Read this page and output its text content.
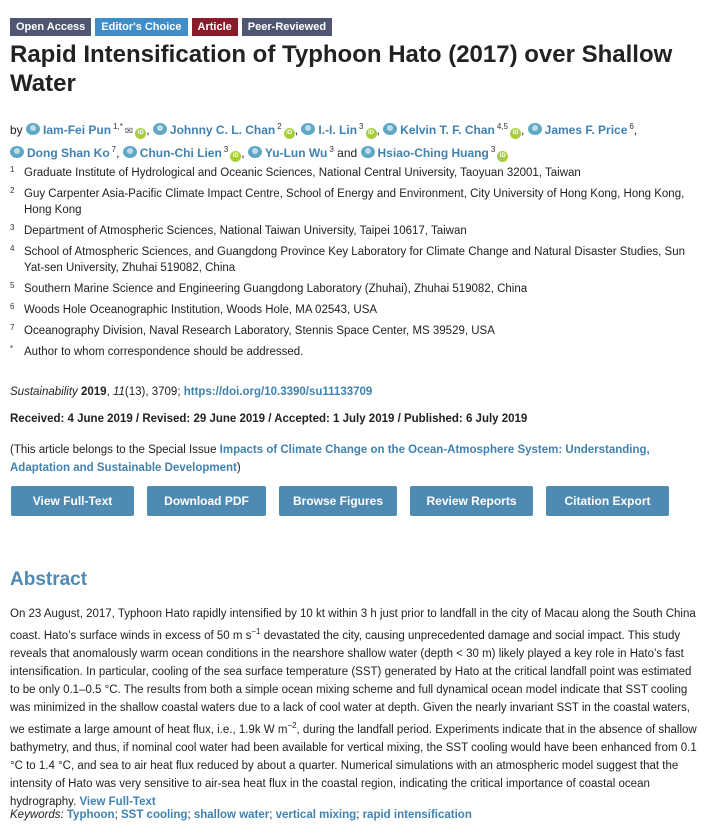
Open Access	Editor's Choice	Article	Peer-Reviewed
Rapid Intensification of Typhoon Hato (2017) over Shallow Water
by Iam-Fei Pun $^{1,*}$ ✉ iD , Johnny C. L. Chan $^2$iD , I.-I. Lin $^3$iD , Kelvin T. F. Chan $^{4,5}$iD , James F. Price $^6$, Dong Shan Ko $^7$, Chun-Chi Lien $^3$iD , Yu-Lun Wu $^3$ and Hsiao-Ching Huang $^3$iD
1 Graduate Institute of Hydrological and Oceanic Sciences, National Central University, Taoyuan 32001, Taiwan
2 Guy Carpenter Asia-Pacific Climate Impact Centre, School of Energy and Environment, City University of Hong Kong, Hong Kong, Hong Kong
3 Department of Atmospheric Sciences, National Taiwan University, Taipei 10617, Taiwan
4 School of Atmospheric Sciences, and Guangdong Province Key Laboratory for Climate Change and Natural Disaster Studies, Sun Yat-sen University, Zhuhai 519082, China
5 Southern Marine Science and Engineering Guangdong Laboratory (Zhuhai), Zhuhai 519082, China
6 Woods Hole Oceanographic Institution, Woods Hole, MA 02543, USA
7 Oceanography Division, Naval Research Laboratory, Stennis Space Center, MS 39529, USA
* Author to whom correspondence should be addressed.
Sustainability 2019, 11(13), 3709; https://doi.org/10.3390/su11133709
Received: 4 June 2019 / Revised: 29 June 2019 / Accepted: 1 July 2019 / Published: 6 July 2019
(This article belongs to the Special Issue Impacts of Climate Change on the Ocean-Atmosphere System: Understanding, Adaptation and Sustainable Development)
View Full-Text	Download PDF	Browse Figures	Review Reports	Citation Export
Abstract
On 23 August, 2017, Typhoon Hato rapidly intensified by 10 kt within 3 h just prior to landfall in the city of Macau along the South China coast. Hato’s surface winds in excess of 50 m $s^{-1}$ devastated the city, causing unprecedented damage and social impact. This study reveals that anomalously warm ocean conditions in the nearshore shallow water (depth < 30 m) likely played a key role in Hato’s fast intensification. In particular, cooling of the sea surface temperature (SST) generated by Hato at the critical landfall point was estimated to be only 0.1–0.5 °C. The results from both a simple ocean mixing scheme and full dynamical ocean model indicate that SST cooling was minimized in the shallow coastal waters due to a lack of cool water at depth. Given the nearly invariant SST in the coastal waters, we estimate a large amount of heat flux, i.e., 1.9k W $m^{-2}$, during the landfall period. Experiments indicate that in the absence of shallow bathymetry, and thus, if nominal cool water had been available for vertical mixing, the SST cooling would have been enhanced from 0.1 °C to 1.4 °C, and sea to air heat flux reduced by about a quarter. Numerical simulations with an atmospheric model suggest that the intensity of Hato was very sensitive to air-sea heat flux in the coastal region, indicating the critical importance of coastal ocean hydrography. View Full-Text
Keywords: Typhoon; SST cooling; shallow water; vertical mixing; rapid intensification
